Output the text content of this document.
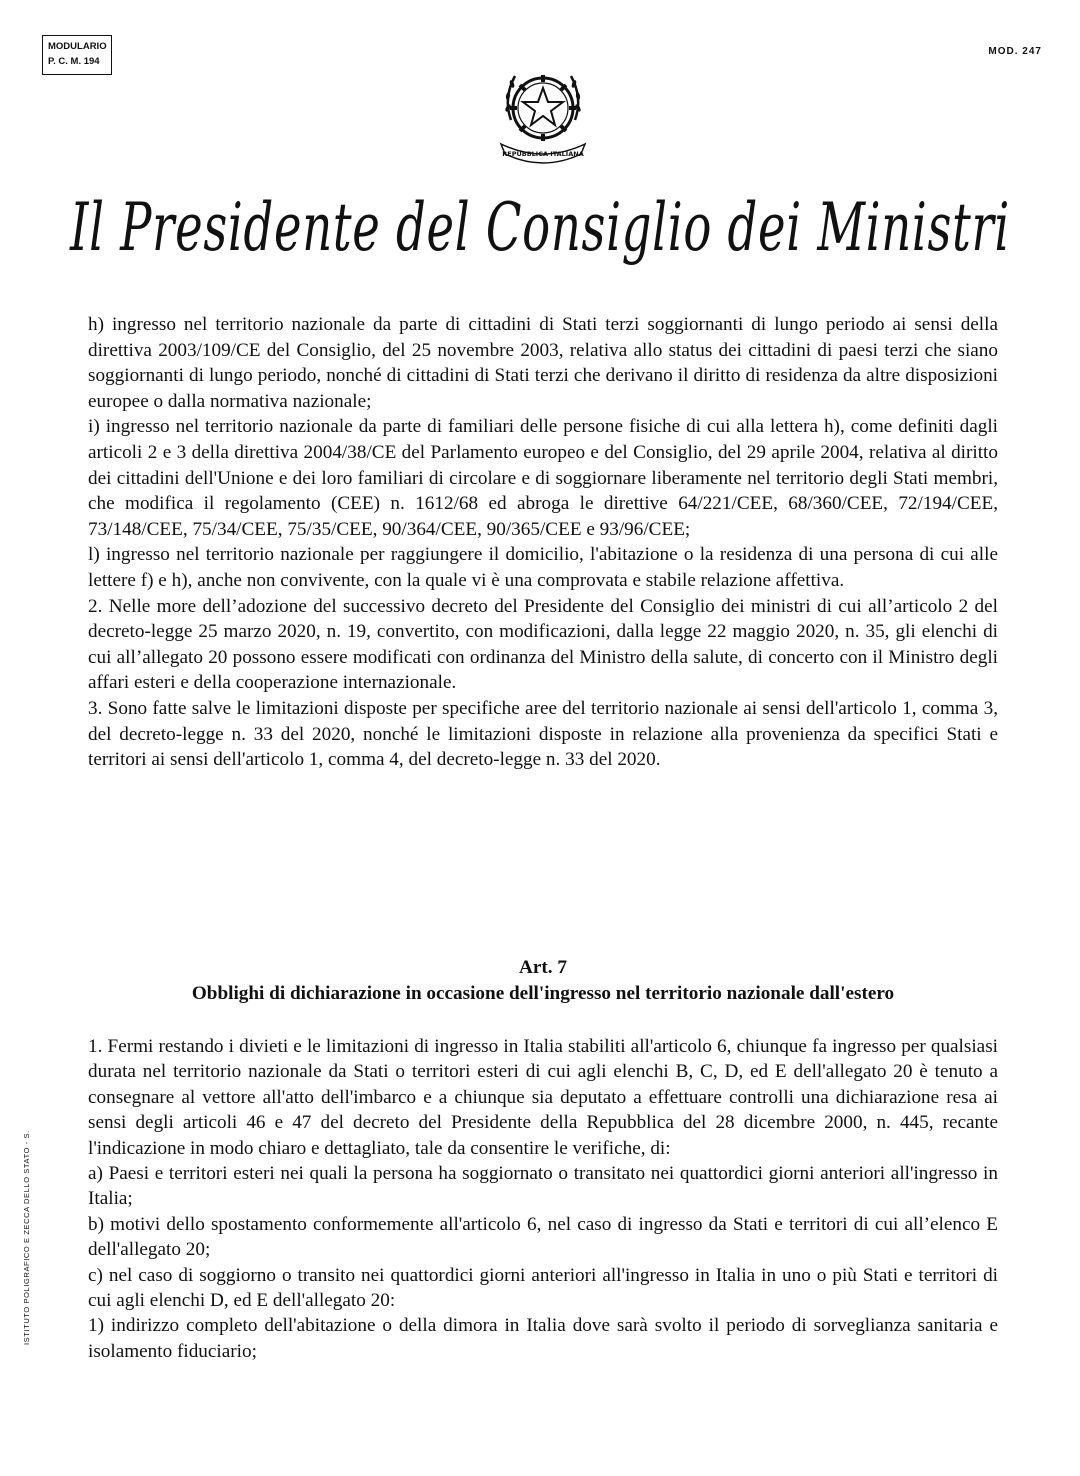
MODULARIO
P. C. M. 194
MOD. 247
REPUBBLICA ITALIANA
Il Presidente del Consiglio dei Ministri

h) ingresso nel territorio nazionale da parte di cittadini di Stati terzi soggiornanti di lungo periodo ai sensi della direttiva 2003/109/CE del Consiglio, del 25 novembre 2003, relativa allo status dei cittadini di paesi terzi che siano soggiornanti di lungo periodo, nonché di cittadini di Stati terzi che derivano il diritto di residenza da altre disposizioni europee o dalla normativa nazionale;

i) ingresso nel territorio nazionale da parte di familiari delle persone fisiche di cui alla lettera h), come definiti dagli articoli 2 e 3 della direttiva 2004/38/CE del Parlamento europeo e del Consiglio, del 29 aprile 2004, relativa al diritto dei cittadini dell'Unione e dei loro familiari di circolare e di soggiornare liberamente nel territorio degli Stati membri, che modifica il regolamento (CEE) n. 1612/68 ed abroga le direttive 64/221/CEE, 68/360/CEE, 72/194/CEE, 73/148/CEE, 75/34/CEE, 75/35/CEE, 90/364/CEE, 90/365/CEE e 93/96/CEE;

l) ingresso nel territorio nazionale per raggiungere il domicilio, l'abitazione o la residenza di una persona di cui alle lettere f) e h), anche non convivente, con la quale vi è una comprovata e stabile relazione affettiva.

2. Nelle more dell’adozione del successivo decreto del Presidente del Consiglio dei ministri di cui all’articolo 2 del decreto-legge 25 marzo 2020, n. 19, convertito, con modificazioni, dalla legge 22 maggio 2020, n. 35, gli elenchi di cui all’allegato 20 possono essere modificati con ordinanza del Ministro della salute, di concerto con il Ministro degli affari esteri e della cooperazione internazionale.

3. Sono fatte salve le limitazioni disposte per specifiche aree del territorio nazionale ai sensi dell'articolo 1, comma 3, del decreto-legge n. 33 del 2020, nonché le limitazioni disposte in relazione alla provenienza da specifici Stati e territori ai sensi dell'articolo 1, comma 4, del decreto-legge n. 33 del 2020.

Art. 7

Obblighi di dichiarazione in occasione dell'ingresso nel territorio nazionale dall'estero

1. Fermi restando i divieti e le limitazioni di ingresso in Italia stabiliti all'articolo 6, chiunque fa ingresso per qualsiasi durata nel territorio nazionale da Stati o territori esteri di cui agli elenchi B, C, D, ed E dell'allegato 20 è tenuto a consegnare al vettore all'atto dell'imbarco e a chiunque sia deputato a effettuare controlli una dichiarazione resa ai sensi degli articoli 46 e 47 del decreto del Presidente della Repubblica del 28 dicembre 2000, n. 445, recante l'indicazione in modo chiaro e dettagliato, tale da consentire le verifiche, di:

a) Paesi e territori esteri nei quali la persona ha soggiornato o transitato nei quattordici giorni anteriori all'ingresso in Italia;

b) motivi dello spostamento conformemente all'articolo 6, nel caso di ingresso da Stati e territori di cui all’elenco E dell'allegato 20;

c) nel caso di soggiorno o transito nei quattordici giorni anteriori all'ingresso in Italia in uno o più Stati e territori di cui agli elenchi D, ed E dell'allegato 20:

1) indirizzo completo dell'abitazione o della dimora in Italia dove sarà svolto il periodo di sorveglianza sanitaria e isolamento fiduciario;

ISTITUTO POLIGRAFICO E ZECCA DELLO STATO - S.
